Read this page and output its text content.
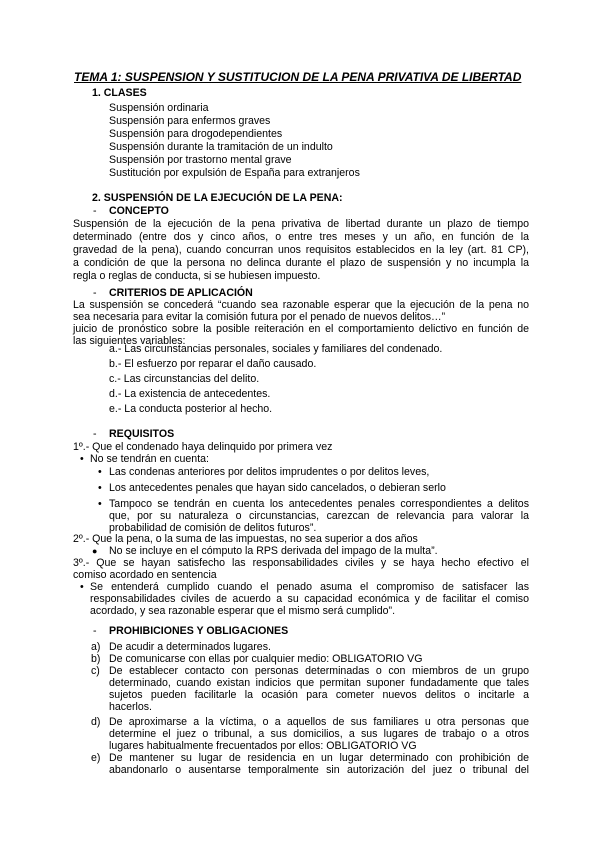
TEMA 1: SUSPENSION Y SUSTITUCION DE LA PENA PRIVATIVA DE LIBERTAD
1. CLASES
Suspensión ordinaria
Suspensión para enfermos graves
Suspensión para drogodependientes
Suspensión durante la tramitación de un indulto
Suspensión por trastorno mental grave
Sustitución por expulsión de España para extranjeros
2. SUSPENSIÓN DE LA EJECUCIÓN DE LA PENA:
- CONCEPTO
Suspensión de la ejecución de la pena privativa de libertad durante un plazo de tiempo
determinado (entre dos y cinco años, o entre tres meses y un año, en función de la
gravedad de la pena), cuando concurran unos requisitos establecidos en la ley (art. 81 CP),
a condición de que la persona no delinca durante el plazo de suspensión y no incumpla la
regla o reglas de conducta, si se hubiesen impuesto.
- CRITERIOS DE APLICACIÓN
La suspensión se concederá “cuando sea razonable esperar que la ejecución de la pena no
sea necesaria para evitar la comisión futura por el penado de nuevos delitos…”
juicio de pronóstico sobre la posible reiteración en el comportamiento delictivo en función de
las siguientes variables:
a.- Las circunstancias personales, sociales y familiares del condenado.
b.- El esfuerzo por reparar el daño causado.
c.- Las circunstancias del delito.
d.- La existencia de antecedentes.
e.- La conducta posterior al hecho.
- REQUISITOS
1º.- Que el condenado haya delinquido por primera vez
• No se tendrán en cuenta:
• Las condenas anteriores por delitos imprudentes o por delitos leves,
• Los antecedentes penales que hayan sido cancelados, o debieran serlo
• Tampoco se tendrán en cuenta los antecedentes penales correspondientes a delitos
que, por su naturaleza o circunstancias, carezcan de relevancia para valorar la
probabilidad de comisión de delitos futuros”.
2º.- Que la pena, o la suma de las impuestas, no sea superior a dos años
● No se incluye en el cómputo la RPS derivada del impago de la multa”.
3º.- Que se hayan satisfecho las responsabilidades civiles y se haya hecho efectivo el
comiso acordado en sentencia
• Se entenderá cumplido cuando el penado asuma el compromiso de satisfacer las
responsabilidades civiles de acuerdo a su capacidad económica y de facilitar el comiso
acordado, y sea razonable esperar que el mismo será cumplido”.
- PROHIBICIONES Y OBLIGACIONES
a) De acudir a determinados lugares.
b) De comunicarse con ellas por cualquier medio: OBLIGATORIO VG
c) De establecer contacto con personas determinadas o con miembros de un grupo
determinado, cuando existan indicios que permitan suponer fundadamente que tales
sujetos pueden facilitarle la ocasión para cometer nuevos delitos o incitarle a
hacerlos.
d) De aproximarse a la víctima, o a aquellos de sus familiares u otra personas que
determine el juez o tribunal, a sus domicilios, a sus lugares de trabajo o a otros
lugares habitualmente frecuentados por ellos: OBLIGATORIO VG
e) De mantener su lugar de residencia en un lugar determinado con prohibición de
abandonarlo o ausentarse temporalmente sin autorización del juez o tribunal del
